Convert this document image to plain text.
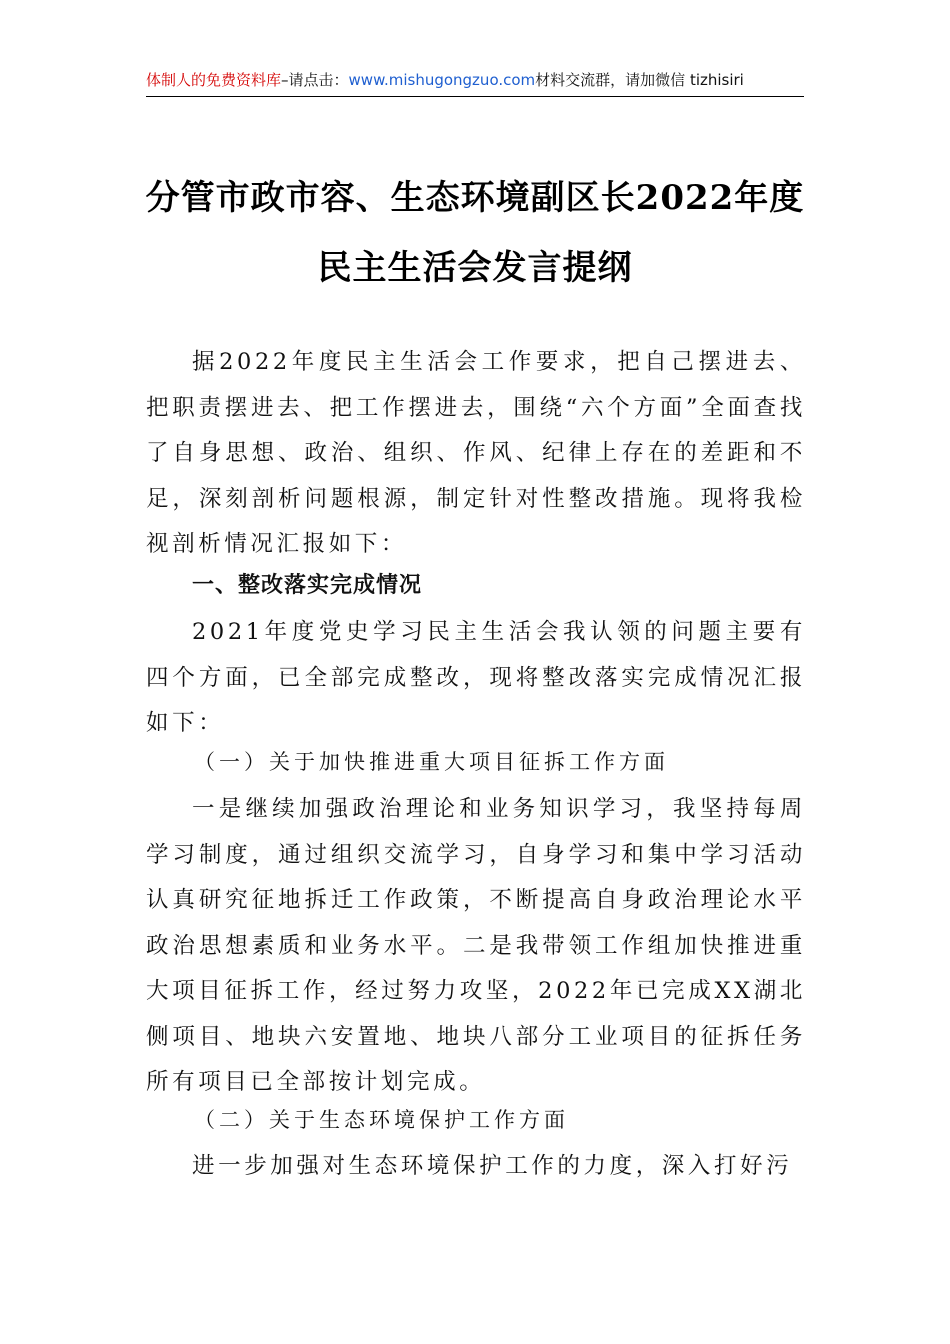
体制人的免费资料库–请点击：www.mishugongzuo.com材料交流群，请加微信 tizhisiri
分管市政市容、生态环境副区长2022年度
民主生活会发言提纲

据2022年度民主生活会工作要求，把自己摆进去、把职责摆进去、把工作摆进去，围绕“六个方面”全面查找了自身思想、政治、组织、作风、纪律上存在的差距和不足，深刻剖析问题根源，制定针对性整改措施。现将我检视剖析情况汇报如下：

一、整改落实完成情况

2021年度党史学习民主生活会我认领的问题主要有四个方面，已全部完成整改，现将整改落实完成情况汇报如下：

（一）关于加快推进重大项目征拆工作方面

一是继续加强政治理论和业务知识学习，我坚持每周学习制度，通过组织交流学习，自身学习和集中学习活动认真研究征地拆迁工作政策，不断提高自身政治理论水平政治思想素质和业务水平。二是我带领工作组加快推进重大项目征拆工作，经过努力攻坚，2022年已完成XX湖北侧项目、地块六安置地、地块八部分工业项目的征拆任务所有项目已全部按计划完成。

（二）关于生态环境保护工作方面

进一步加强对生态环境保护工作的力度，深入打好污
